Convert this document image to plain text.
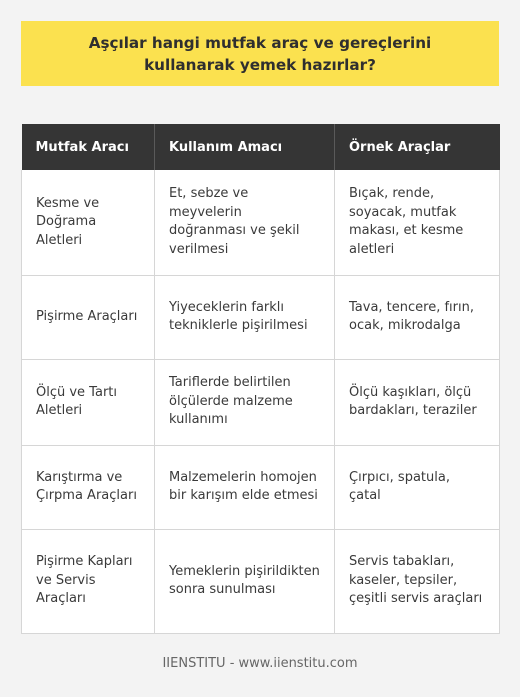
Aşçılar hangi mutfak araç ve gereçlerini kullanarak yemek hazırlar?
Mutfak Aracı	Kullanım Amacı	Örnek Araçlar
Kesme ve Doğrama Aletleri	Et, sebze ve meyvelerin doğranması ve şekil verilmesi	Bıçak, rende, soyacak, mutfak makası, et kesme aletleri
Pişirme Araçları	Yiyeceklerin farklı tekniklerle pişirilmesi	Tava, tencere, fırın, ocak, mikrodalga
Ölçü ve Tartı Aletleri	Tariflerde belirtilen ölçülerde malzeme kullanımı	Ölçü kaşıkları, ölçü bardakları, teraziler
Karıştırma ve Çırpma Araçları	Malzemelerin homojen bir karışım elde etmesi	Çırpıcı, spatula, çatal
Pişirme Kapları ve Servis Araçları	Yemeklerin pişirildikten sonra sunulması	Servis tabakları, kaseler, tepsiler, çeşitli servis araçları
IIENSTITU - www.iienstitu.com
